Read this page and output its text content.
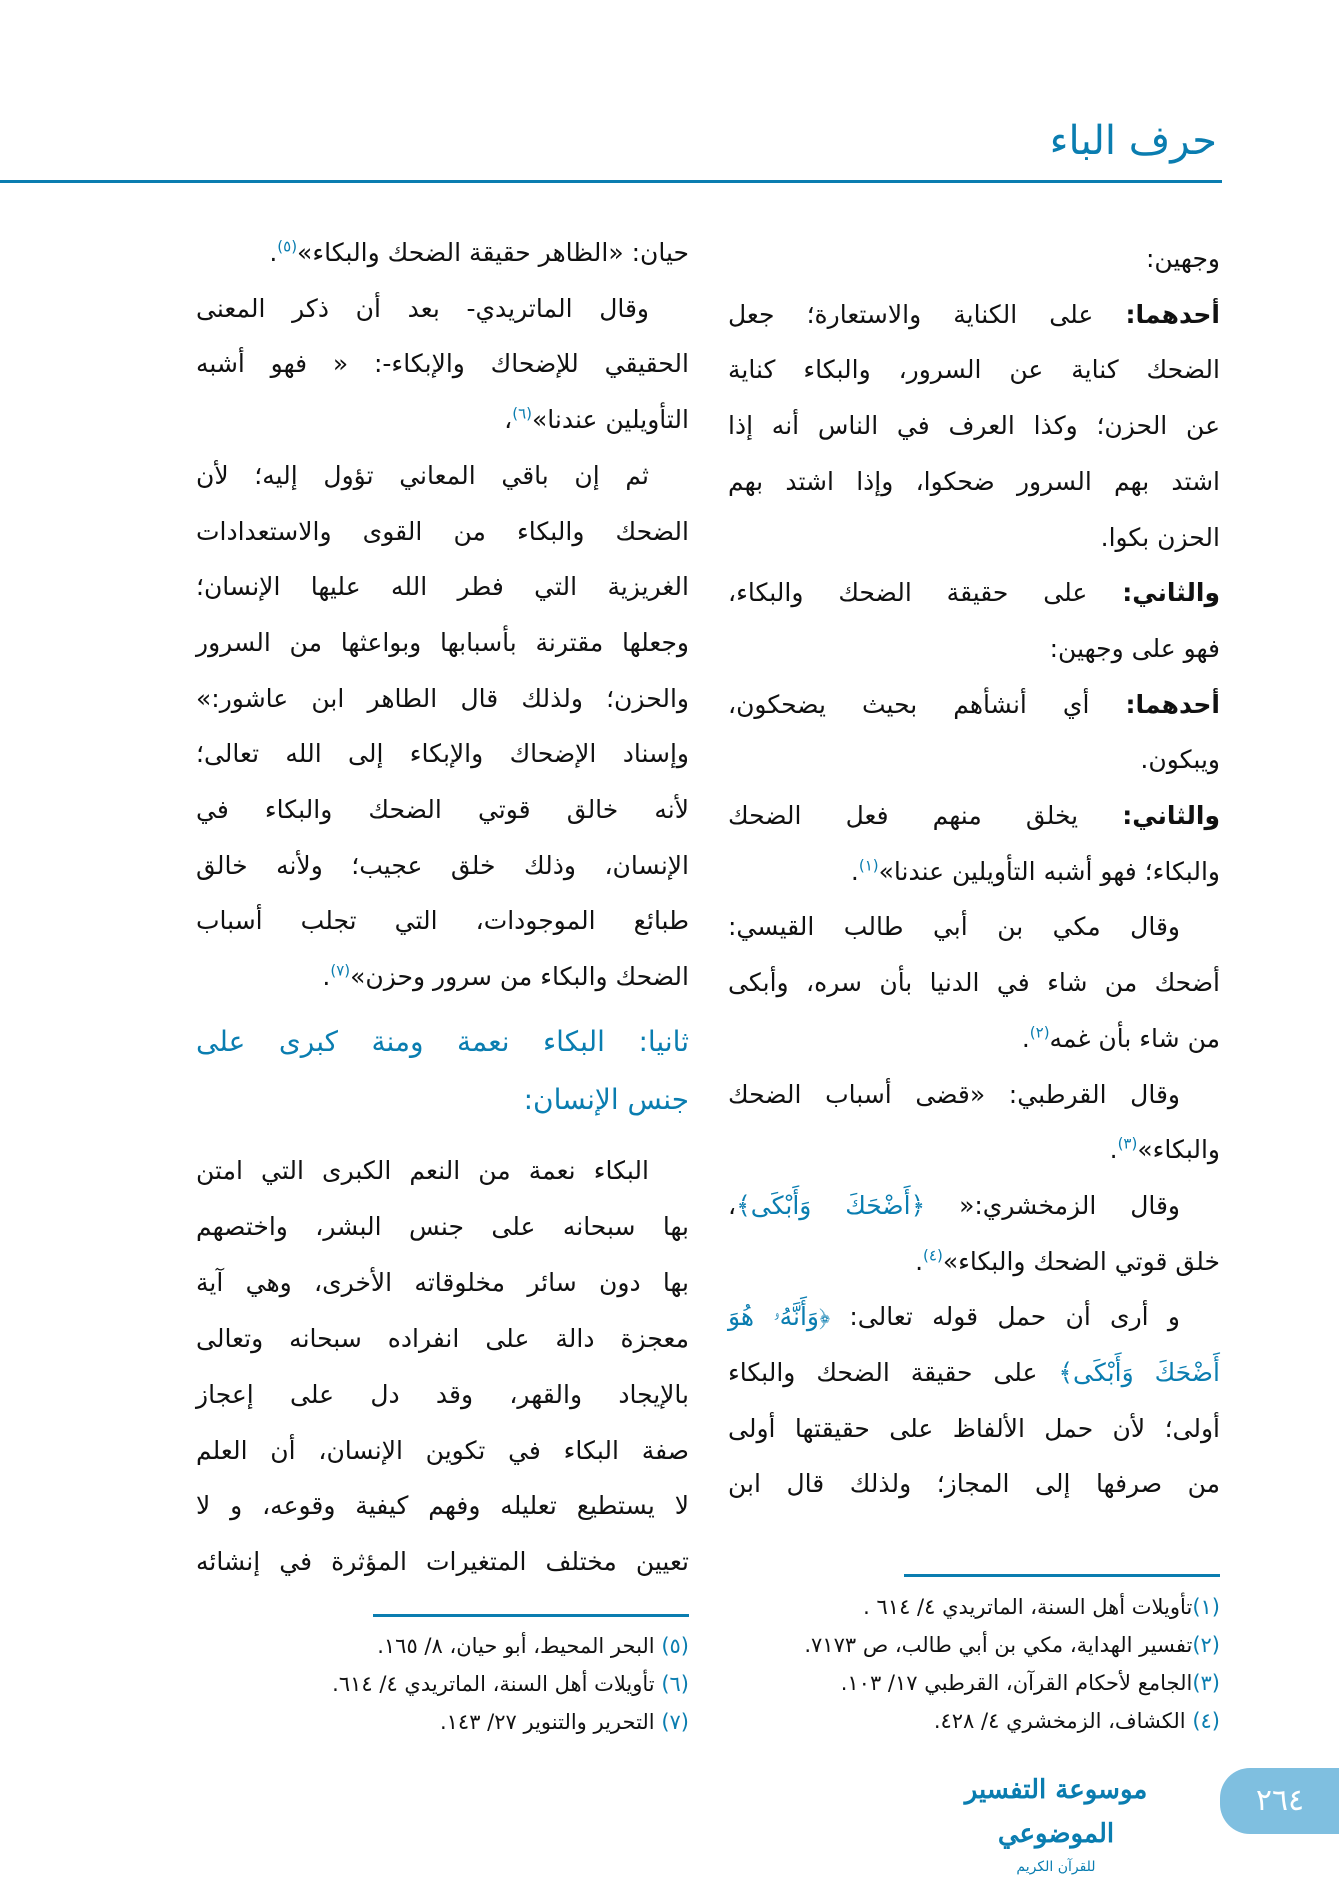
حرف الباء
وجهين:
أحدهما: على الكناية والاستعارة؛ جعل
الضحك كناية عن السرور، والبكاء كناية
عن الحزن؛ وكذا العرف في الناس أنه إذا
اشتد بهم السرور ضحكوا، وإذا اشتد بهم
الحزن بكوا.
والثاني: على حقيقة الضحك والبكاء،
فهو على وجهين:
أحدهما: أي أنشأهم بحيث يضحكون،
ويبكون.
والثاني: يخلق منهم فعل الضحك
والبكاء؛ فهو أشبه التأويلين عندنا»$^{(١)}$.
وقال مكي بن أبي طالب القيسي:
أضحك من شاء في الدنيا بأن سره، وأبكى
من شاء بأن غمه$^{(٢)}$.
وقال القرطبي: «قضى أسباب الضحك
والبكاء»$^{(٣)}$.
وقال الزمخشري:« ﴿أَضْحَكَ وَأَبْكَى﴾،
خلق قوتي الضحك والبكاء»$^{(٤)}$.
و أرى أن حمل قوله تعالى: ﴿وَأَنَّهُۥ هُوَ
أَضْحَكَ وَأَبْكَى﴾ على حقيقة الضحك والبكاء
أولى؛ لأن حمل الألفاظ على حقيقتها أولى
من صرفها إلى المجاز؛ ولذلك قال ابن
حيان: «الظاهر حقيقة الضحك والبكاء»$^{(٥)}$.
وقال الماتريدي- بعد أن ذكر المعنى
الحقيقي للإضحاك والإبكاء-: « فهو أشبه
التأويلين عندنا»$^{(٦)}$،
ثم إن باقي المعاني تؤول إليه؛ لأن
الضحك والبكاء من القوى والاستعدادات
الغريزية التي فطر الله عليها الإنسان؛
وجعلها مقترنة بأسبابها وبواعثها من السرور
والحزن؛ ولذلك قال الطاهر ابن عاشور:»
وإسناد الإضحاك والإبكاء إلى الله تعالى؛
لأنه خالق قوتي الضحك والبكاء في
الإنسان، وذلك خلق عجيب؛ ولأنه خالق
طبائع الموجودات، التي تجلب أسباب
الضحك والبكاء من سرور وحزن»$^{(٧)}$.
ثانيا: البكاء نعمة ومنة كبرى على
جنس الإنسان:
البكاء نعمة من النعم الكبرى التي امتن
بها سبحانه على جنس البشر، واختصهم
بها دون سائر مخلوقاته الأخرى، وهي آية
معجزة دالة على انفراده سبحانه وتعالى
بالإيجاد والقهر، وقد دل على إعجاز
صفة البكاء في تكوين الإنسان، أن العلم
لا يستطيع تعليله وفهم كيفية وقوعه، و لا
تعيين مختلف المتغيرات المؤثرة في إنشائه
(١)تأويلات أهل السنة، الماتريدي ٤/ ٦١٤ .
(٢)تفسير الهداية، مكي بن أبي طالب، ص ٧١٧٣.
(٣)الجامع لأحكام القرآن، القرطبي ١٧/ ١٠٣.
(٤) الكشاف، الزمخشري ٤/ ٤٢٨.
(٥) البحر المحيط، أبو حيان، ٨/ ١٦٥.
(٦) تأويلات أهل السنة، الماتريدي ٤/ ٦١٤.
(٧) التحرير والتنوير ٢٧/ ١٤٣.
موسوعة التفسير الموضوعي
للقرآن الكريم
٢٦٤
